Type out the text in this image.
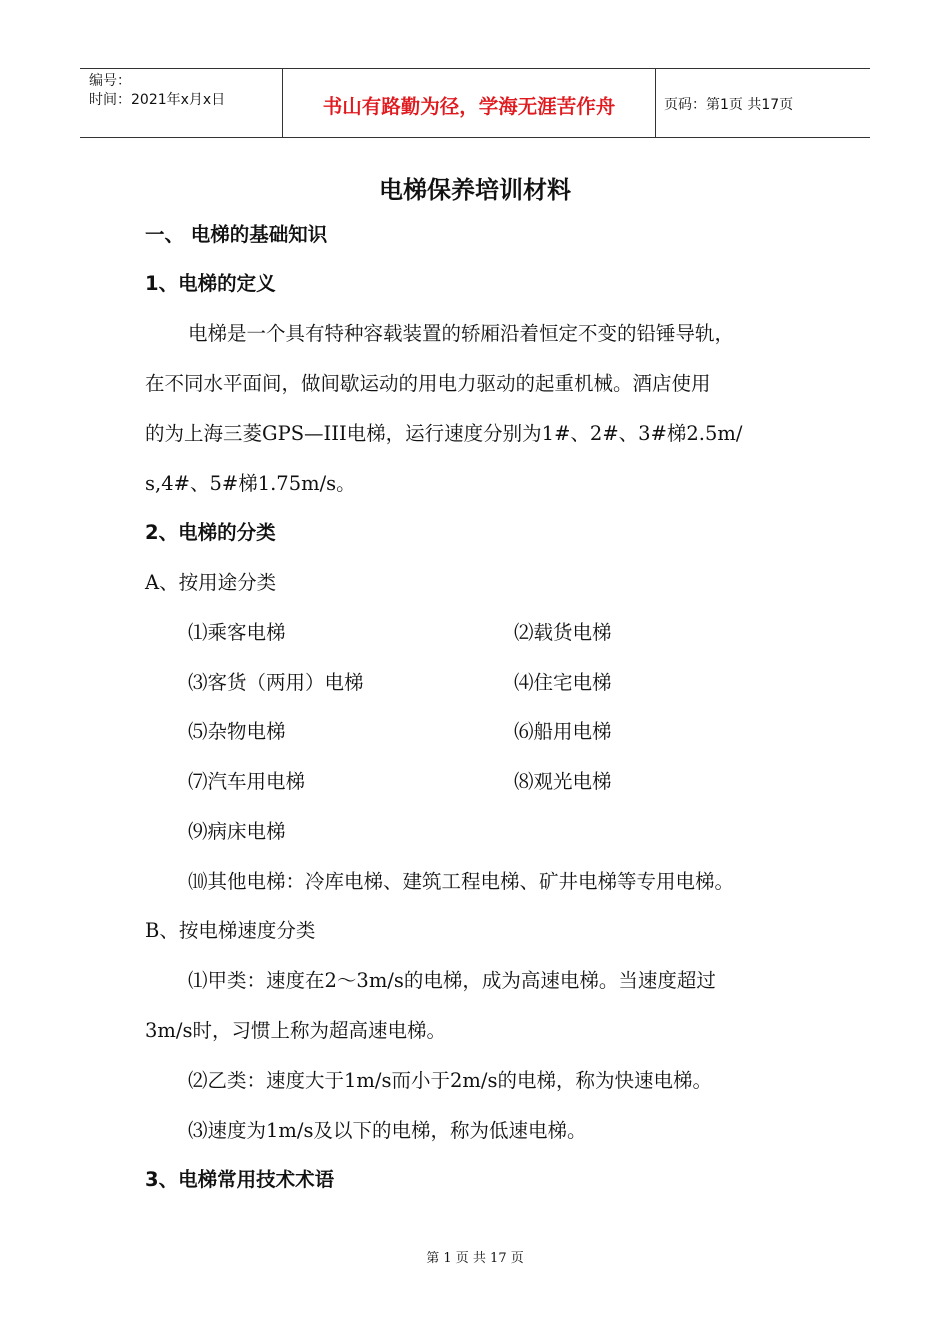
编号：
时间：2021年x月x日	书山有路勤为径，学海无涯苦作舟	页码：第1页 共17页
电梯保养培训材料
一、 电梯的基础知识
1、电梯的定义
电梯是一个具有特种容载装置的轿厢沿着恒定不变的铅锤导轨，
在不同水平面间，做间歇运动的用电力驱动的起重机械。酒店使用
的为上海三菱GPS—III电梯，运行速度分别为1#、2#、3#梯2.5m/
s,4#、5#梯1.75m/s。
2、电梯的分类
A、按用途分类
⑴乘客电梯	⑵载货电梯
⑶客货（两用）电梯	⑷住宅电梯
⑸杂物电梯	⑹船用电梯
⑺汽车用电梯	⑻观光电梯
⑼病床电梯
⑽其他电梯：冷库电梯、建筑工程电梯、矿井电梯等专用电梯。
B、按电梯速度分类
⑴甲类：速度在2～3m/s的电梯，成为高速电梯。当速度超过
3m/s时，习惯上称为超高速电梯。
⑵乙类：速度大于1m/s而小于2m/s的电梯，称为快速电梯。
⑶速度为1m/s及以下的电梯，称为低速电梯。
3、电梯常用技术术语
第 1 页 共 17 页
